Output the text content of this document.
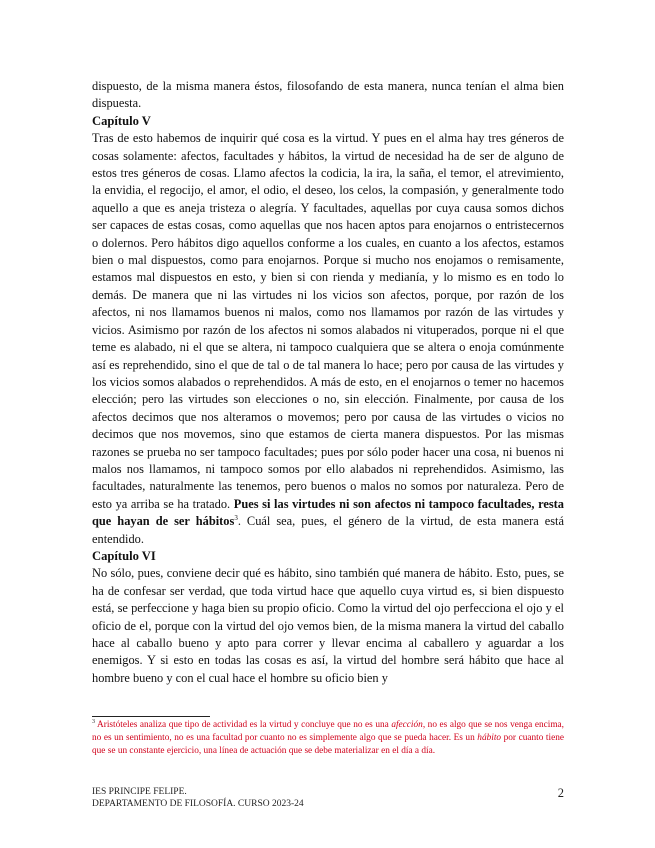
dispuesto, de la misma manera éstos, filosofando de esta manera, nunca tenían el alma bien dispuesta.

Capítulo V

Tras de esto habemos de inquirir qué cosa es la virtud. Y pues en el alma hay tres géneros de cosas solamente: afectos, facultades y hábitos, la virtud de necesidad ha de ser de alguno de estos tres géneros de cosas. Llamo afectos la codicia, la ira, la saña, el temor, el atrevimiento, la envidia, el regocijo, el amor, el odio, el deseo, los celos, la compasión, y generalmente todo aquello a que es aneja tristeza o alegría. Y facultades, aquellas por cuya causa somos dichos ser capaces de estas cosas, como aquellas que nos hacen aptos para enojarnos o entristecernos o dolernos. Pero hábitos digo aquellos conforme a los cuales, en cuanto a los afectos, estamos bien o mal dispuestos, como para enojarnos. Porque si mucho nos enojamos o remisamente, estamos mal dispuestos en esto, y bien si con rienda y medianía, y lo mismo es en todo lo demás. De manera que ni las virtudes ni los vicios son afectos, porque, por razón de los afectos, ni nos llamamos buenos ni malos, como nos llamamos por razón de las virtudes y vicios. Asimismo por razón de los afectos ni somos alabados ni vituperados, porque ni el que teme es alabado, ni el que se altera, ni tampoco cualquiera que se altera o enoja comúnmente así es reprehendido, sino el que de tal o de tal manera lo hace; pero por causa de las virtudes y los vicios somos alabados o reprehendidos. A más de esto, en el enojarnos o temer no hacemos elección; pero las virtudes son elecciones o no, sin elección. Finalmente, por causa de los afectos decimos que nos alteramos o movemos; pero por causa de las virtudes o vicios no decimos que nos movemos, sino que estamos de cierta manera dispuestos. Por las mismas razones se prueba no ser tampoco facultades; pues por sólo poder hacer una cosa, ni buenos ni malos nos llamamos, ni tampoco somos por ello alabados ni reprehendidos. Asimismo, las facultades, naturalmente las tenemos, pero buenos o malos no somos por naturaleza. Pero de esto ya arriba se ha tratado. Pues si las virtudes ni son afectos ni tampoco facultades, resta que hayan de ser hábitos$^3$. Cuál sea, pues, el género de la virtud, de esta manera está entendido.

Capítulo VI

No sólo, pues, conviene decir qué es hábito, sino también qué manera de hábito. Esto, pues, se ha de confesar ser verdad, que toda virtud hace que aquello cuya virtud es, si bien dispuesto está, se perfeccione y haga bien su propio oficio. Como la virtud del ojo perfecciona el ojo y el oficio de el, porque con la virtud del ojo vemos bien, de la misma manera la virtud del caballo hace al caballo bueno y apto para correr y llevar encima al caballero y aguardar a los enemigos. Y si esto en todas las cosas es así, la virtud del hombre será hábito que hace al hombre bueno y con el cual hace el hombre su oficio bien y

$^3$ Aristóteles analiza que tipo de actividad es la virtud y concluye que no es una afección, no es algo que se nos venga encima, no es un sentimiento, no es una facultad por cuanto no es simplemente algo que se pueda hacer. Es un hábito por cuanto tiene que se un constante ejercicio, una línea de actuación que se debe materializar en el día a día.
IES PRINCIPE FELIPE.
DEPARTAMENTO DE FILOSOFÍA. CURSO 2023-24
2
